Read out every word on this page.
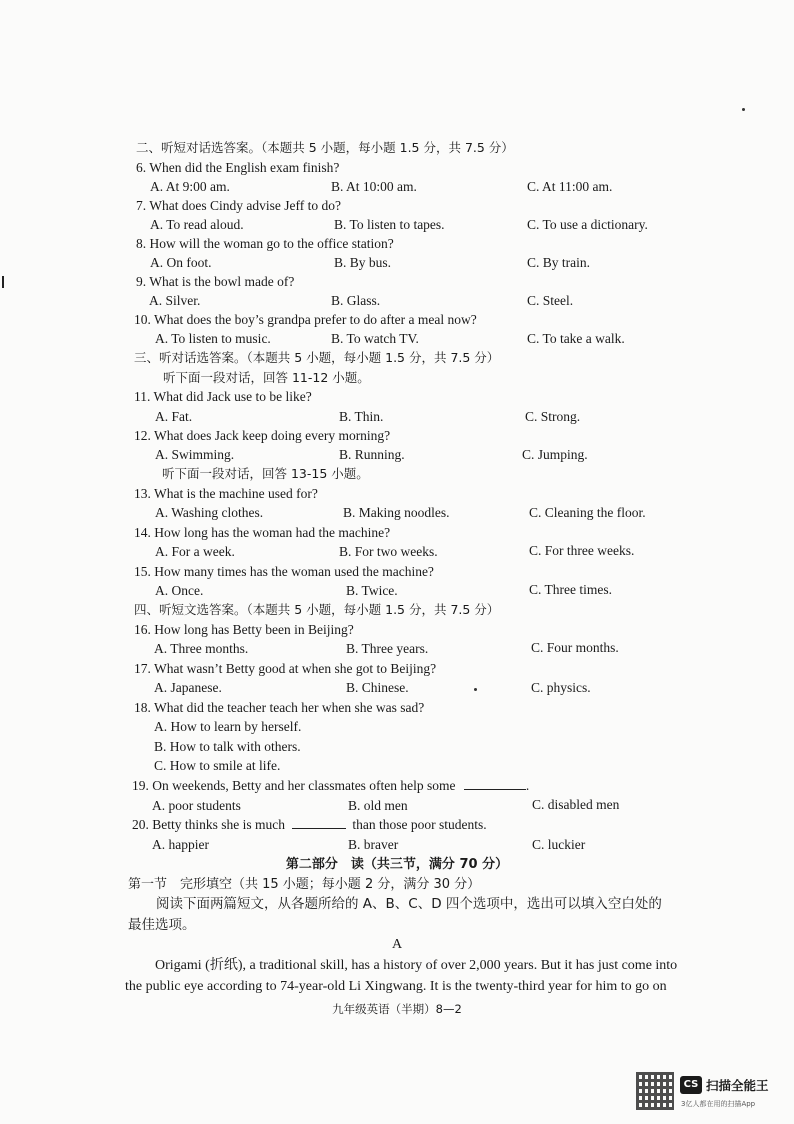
二、听短对话选答案。（本题共 5 小题，每小题 1.5 分，共 7.5 分）
6. When did the English exam finish?
A. At 9:00 am.	B. At 10:00 am.	C. At 11:00 am.
7. What does Cindy advise Jeff to do?
A. To read aloud.	B. To listen to tapes.	C. To use a dictionary.
8. How will the woman go to the office station?
A. On foot.	B. By bus.	C. By train.
9. What is the bowl made of?
A. Silver.	B. Glass.	C. Steel.
10. What does the boy’s grandpa prefer to do after a meal now?
A. To listen to music.	B. To watch TV.	C. To take a walk.
三、听对话选答案。（本题共 5 小题，每小题 1.5 分，共 7.5 分）
听下面一段对话，回答 11-12 小题。
11. What did Jack use to be like?
A. Fat.	B. Thin.	C. Strong.
12. What does Jack keep doing every morning?
A. Swimming.	B. Running.	C. Jumping.
听下面一段对话，回答 13-15 小题。
13. What is the machine used for?
A. Washing clothes.	B. Making noodles.	C. Cleaning the floor.
14. How long has the woman had the machine?
A. For a week.	B. For two weeks.	C. For three weeks.
15. How many times has the woman used the machine?
A. Once.	B. Twice.	C. Three times.
四、听短文选答案。（本题共 5 小题，每小题 1.5 分，共 7.5 分）
16. How long has Betty been in Beijing?
A. Three months.	B. Three years.	C. Four months.
17. What wasn’t Betty good at when she got to Beijing?
A. Japanese.	B. Chinese.	C. physics.
18. What did the teacher teach her when she was sad?
A. How to learn by herself.
B. How to talk with others.
C. How to smile at life.
19. On weekends, Betty and her classmates often help some	.
A. poor students	B. old men	C. disabled men
20. Betty thinks she is much	than those poor students.
A. happier	B. braver	C. luckier
第二部分　读（共三节，满分 70 分）
第一节　完形填空（共 15 小题；每小题 2 分，满分 30 分）
阅读下面两篇短文，从各题所给的 A、B、C、D 四个选项中，选出可以填入空白处的
最佳选项。
A
Origami (折纸), a traditional skill, has a history of over 2,000 years. But it has just come into
the public eye according to 74-year-old Li Xingwang. It is the twenty-third year for him to go on
九年级英语（半期）8—2
CS 扫描全能王
3亿人都在用的扫描App
